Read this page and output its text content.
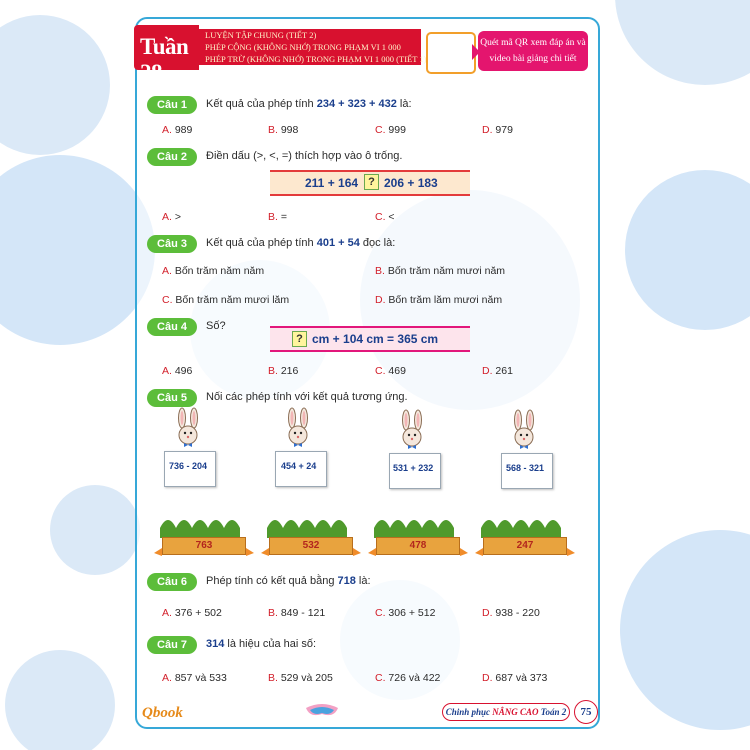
Tuần 28
LUYỆN TẬP CHUNG (TIẾT 2)
PHÉP CỘNG (KHÔNG NHỚ) TRONG PHẠM VI 1 000
PHÉP TRỪ (KHÔNG NHỚ) TRONG PHẠM VI 1 000 (TIẾT 1)
Quét mã QR xem đáp án và
video bài giảng chi tiết
Câu 1	Kết quả của phép tính 234 + 323 + 432 là:
A. 989	B. 998	C. 999	D. 979
Câu 2	Điền dấu (>, <, =) thích hợp vào ô trống.
211 + 164 ? 206 + 183
A. >	B. =	C. <
Câu 3	Kết quả của phép tính 401 + 54 đọc là:
A. Bốn trăm năm năm	B. Bốn trăm năm mươi năm
C. Bốn trăm năm mươi lăm	D. Bốn trăm lăm mươi năm
Câu 4	Số?
? cm + 104 cm = 365 cm
A. 496	B. 216	C. 469	D. 261
Câu 5	Nối các phép tính với kết quả tương ứng.
736 - 204	454 + 24	531 + 232	568 - 321
763	532	478	247
Câu 6	Phép tính có kết quả bằng 718 là:
A. 376 + 502	B. 849 - 121	C. 306 + 512	D. 938 - 220
Câu 7	314 là hiệu của hai số:
A. 857 và 533	B. 529 và 205	C. 726 và 422	D. 687 và 373
Qbook	Chinh phục NÂNG CAO Toán 2	75
